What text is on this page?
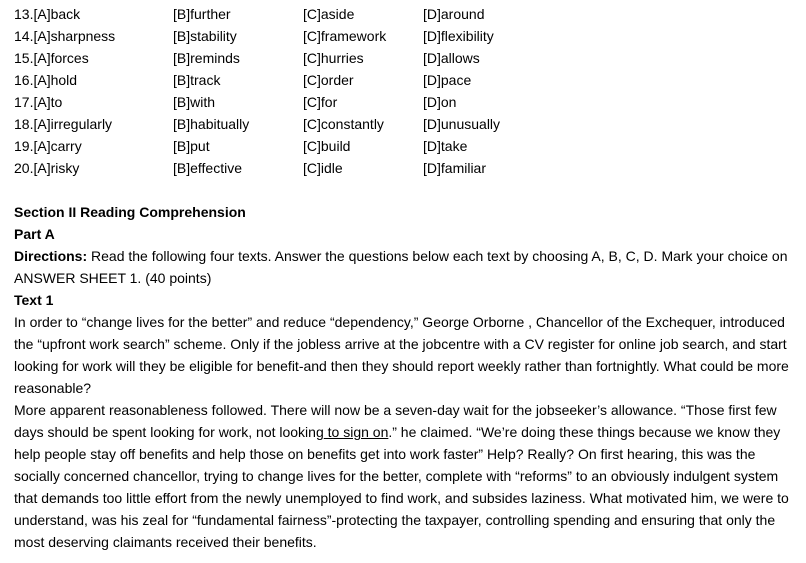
13.[A]back	[B]further	[C]aside	[D]around
14.[A]sharpness	[B]stability	[C]framework	[D]flexibility
15.[A]forces	[B]reminds	[C]hurries	[D]allows
16.[A]hold	[B]track	[C]order	[D]pace
17.[A]to	[B]with	[C]for	[D]on
18.[A]irregularly	[B]habitually	[C]constantly	[D]unusually
19.[A]carry	[B]put	[C]build	[D]take
20.[A]risky	[B]effective	[C]idle	[D]familiar

Section II Reading Comprehension

Part A

Directions: Read the following four texts. Answer the questions below each text by choosing A, B, C, D. Mark your choice on ANSWER SHEET 1. (40 points)

Text 1

In order to “change lives for the better” and reduce “dependency,” George Orborne , Chancellor of the Exchequer, introduced the “upfront work search” scheme. Only if the jobless arrive at the jobcentre with a CV register for online job search, and start looking for work will they be eligible for benefit-and then they should report weekly rather than fortnightly. What could be more reasonable?

More apparent reasonableness followed. There will now be a seven-day wait for the jobseeker’s allowance. “Those first few days should be spent looking for work, not looking to sign on.” he claimed. “We’re doing these things because we know they help people stay off benefits and help those on benefits get into work faster” Help? Really? On first hearing, this was the socially concerned chancellor, trying to change lives for the better, complete with “reforms” to an obviously indulgent system that demands too little effort from the newly unemployed to find work, and subsides laziness. What motivated him, we were to understand, was his zeal for “fundamental fairness”-protecting the taxpayer, controlling spending and ensuring that only the most deserving claimants received their benefits.
